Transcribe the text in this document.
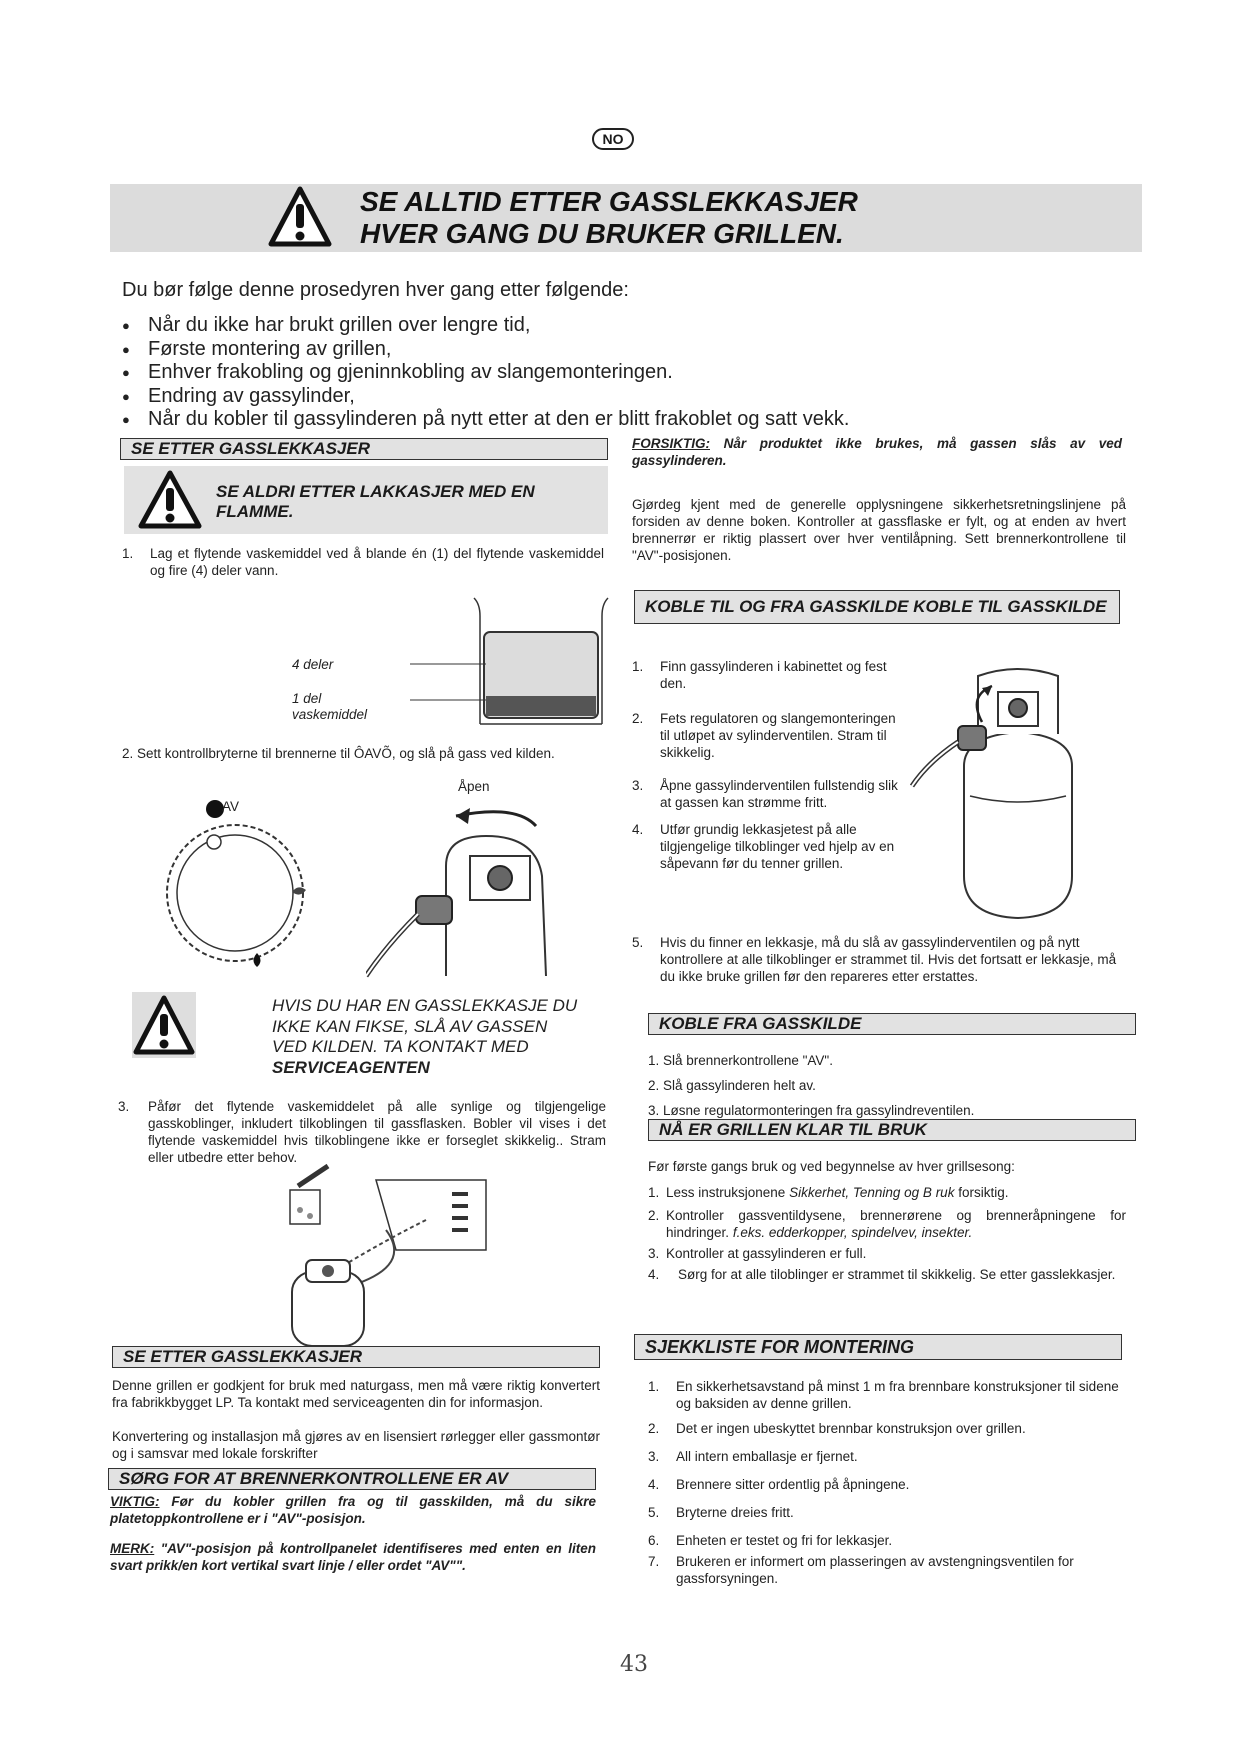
NO
SE ALLTID ETTER GASSLEKKASJER
HVER GANG DU BRUKER GRILLEN.
Du bør følge denne prosedyren hver gang etter følgende:
● Når du ikke har brukt grillen over lengre tid,
● Første montering av grillen,
● Enhver frakobling og gjeninnkobling av slangemonteringen.
● Endring av gassylinder,
● Når du kobler til gassylinderen på nytt etter at den er blitt frakoblet og satt vekk.
SE ETTER GASSLEKKASJER
SE ALDRI ETTER LAKKASJER MED EN FLAMME.
1. Lag et flytende vaskemiddel ved å blande én (1) del flytende vaskemiddel og fire (4) deler vann.
4 deler
1 del
vaskemiddel
2. Sett kontrollbryterne til brennerne til ÔAVÕ, og slå på gass ved kilden.
AV
Åpen
HVIS DU HAR EN GASSLEKKASJE DU
IKKE KAN FIKSE, SLÅ AV GASSEN
VED KILDEN. TA KONTAKT MED
SERVICEAGENTEN
3. Påfør det flytende vaskemiddelet på alle synlige og tilgjengelige gasskoblinger, inkludert tilkoblingen til gassflasken. Bobler vil vises i det flytende vaskemiddel hvis tilkoblingene ikke er forseglet skikkelig.. Stram eller utbedre etter behov.
SE ETTER GASSLEKKASJER
Denne grillen er godkjent for bruk med naturgass, men må være riktig konvertert fra fabrikkbygget LP. Ta kontakt med serviceagenten din for informasjon.
Konvertering og installasjon må gjøres av en lisensiert rørlegger eller gassmontør og i samsvar med lokale forskrifter
SØRG FOR AT BRENNERKONTROLLENE ER AV
VIKTIG: Før du kobler grillen fra og til gasskilden, må du sikre platetoppkontrollene er i "AV"-posisjon.
MERK: "AV"-posisjon på kontrollpanelet identifiseres med enten en liten svart prikk/en kort vertikal svart linje / eller ordet "AV"".
FORSIKTIG: Når produktet ikke brukes, må gassen slås av ved gassylinderen.
Gjørdeg kjent med de generelle opplysningene sikkerhetsretningslinjene på forsiden av denne boken. Kontroller at gassflaske er fylt, og at enden av hvert brennerrør er riktig plassert over hver ventilåpning. Sett brennerkontrollene til "AV"-posisjonen.
KOBLE TIL OG FRA GASSKILDE KOBLE TIL GASSKILDE
1. Finn gassylinderen i kabinettet og fest den.
2. Fets regulatoren og slangemonteringen til utløpet av sylinderventilen. Stram til skikkelig.
3. Åpne gassylinderventilen fullstendig slik at gassen kan strømme fritt.
4. Utfør grundig lekkasjetest på alle tilgjengelige tilkoblinger ved hjelp av en såpevann før du tenner grillen.
5. Hvis du finner en lekkasje, må du slå av gassylinderventilen og på nytt kontrollere at alle tilkoblinger er strammet til. Hvis det fortsatt er lekkasje, må du ikke bruke grillen før den repareres etter erstattes.
KOBLE FRA GASSKILDE
1. Slå brennerkontrollene "AV".
2. Slå gassylinderen helt av.
3. Løsne regulatormonteringen fra gassylindreventilen.
NÅ ER GRILLEN KLAR TIL BRUK
Før første gangs bruk og ved begynnelse av hver grillsesong:
1. Less instruksjonene Sikkerhet, Tenning og B ruk forsiktig.
2. Kontroller gassventildysene, brennerørene og brenneråpningene for hindringer. f.eks. edderkopper, spindelvev, insekter.
3. Kontroller at gassylinderen er full.
4. Sørg for at alle tiloblinger er strammet til skikkelig. Se etter gasslekkasjer.
SJEKKLISTE FOR MONTERING
1. En sikkerhetsavstand på minst 1 m fra brennbare konstruksjoner til sidene og baksiden av denne grillen.
2. Det er ingen ubeskyttet brennbar konstruksjon over grillen.
3. All intern emballasje er fjernet.
4. Brennere sitter ordentlig på åpningene.
5. Bryterne dreies fritt.
6. Enheten er testet og fri for lekkasjer.
7. Brukeren er informert om plasseringen av avstengningsventilen for gassforsyningen.
43
